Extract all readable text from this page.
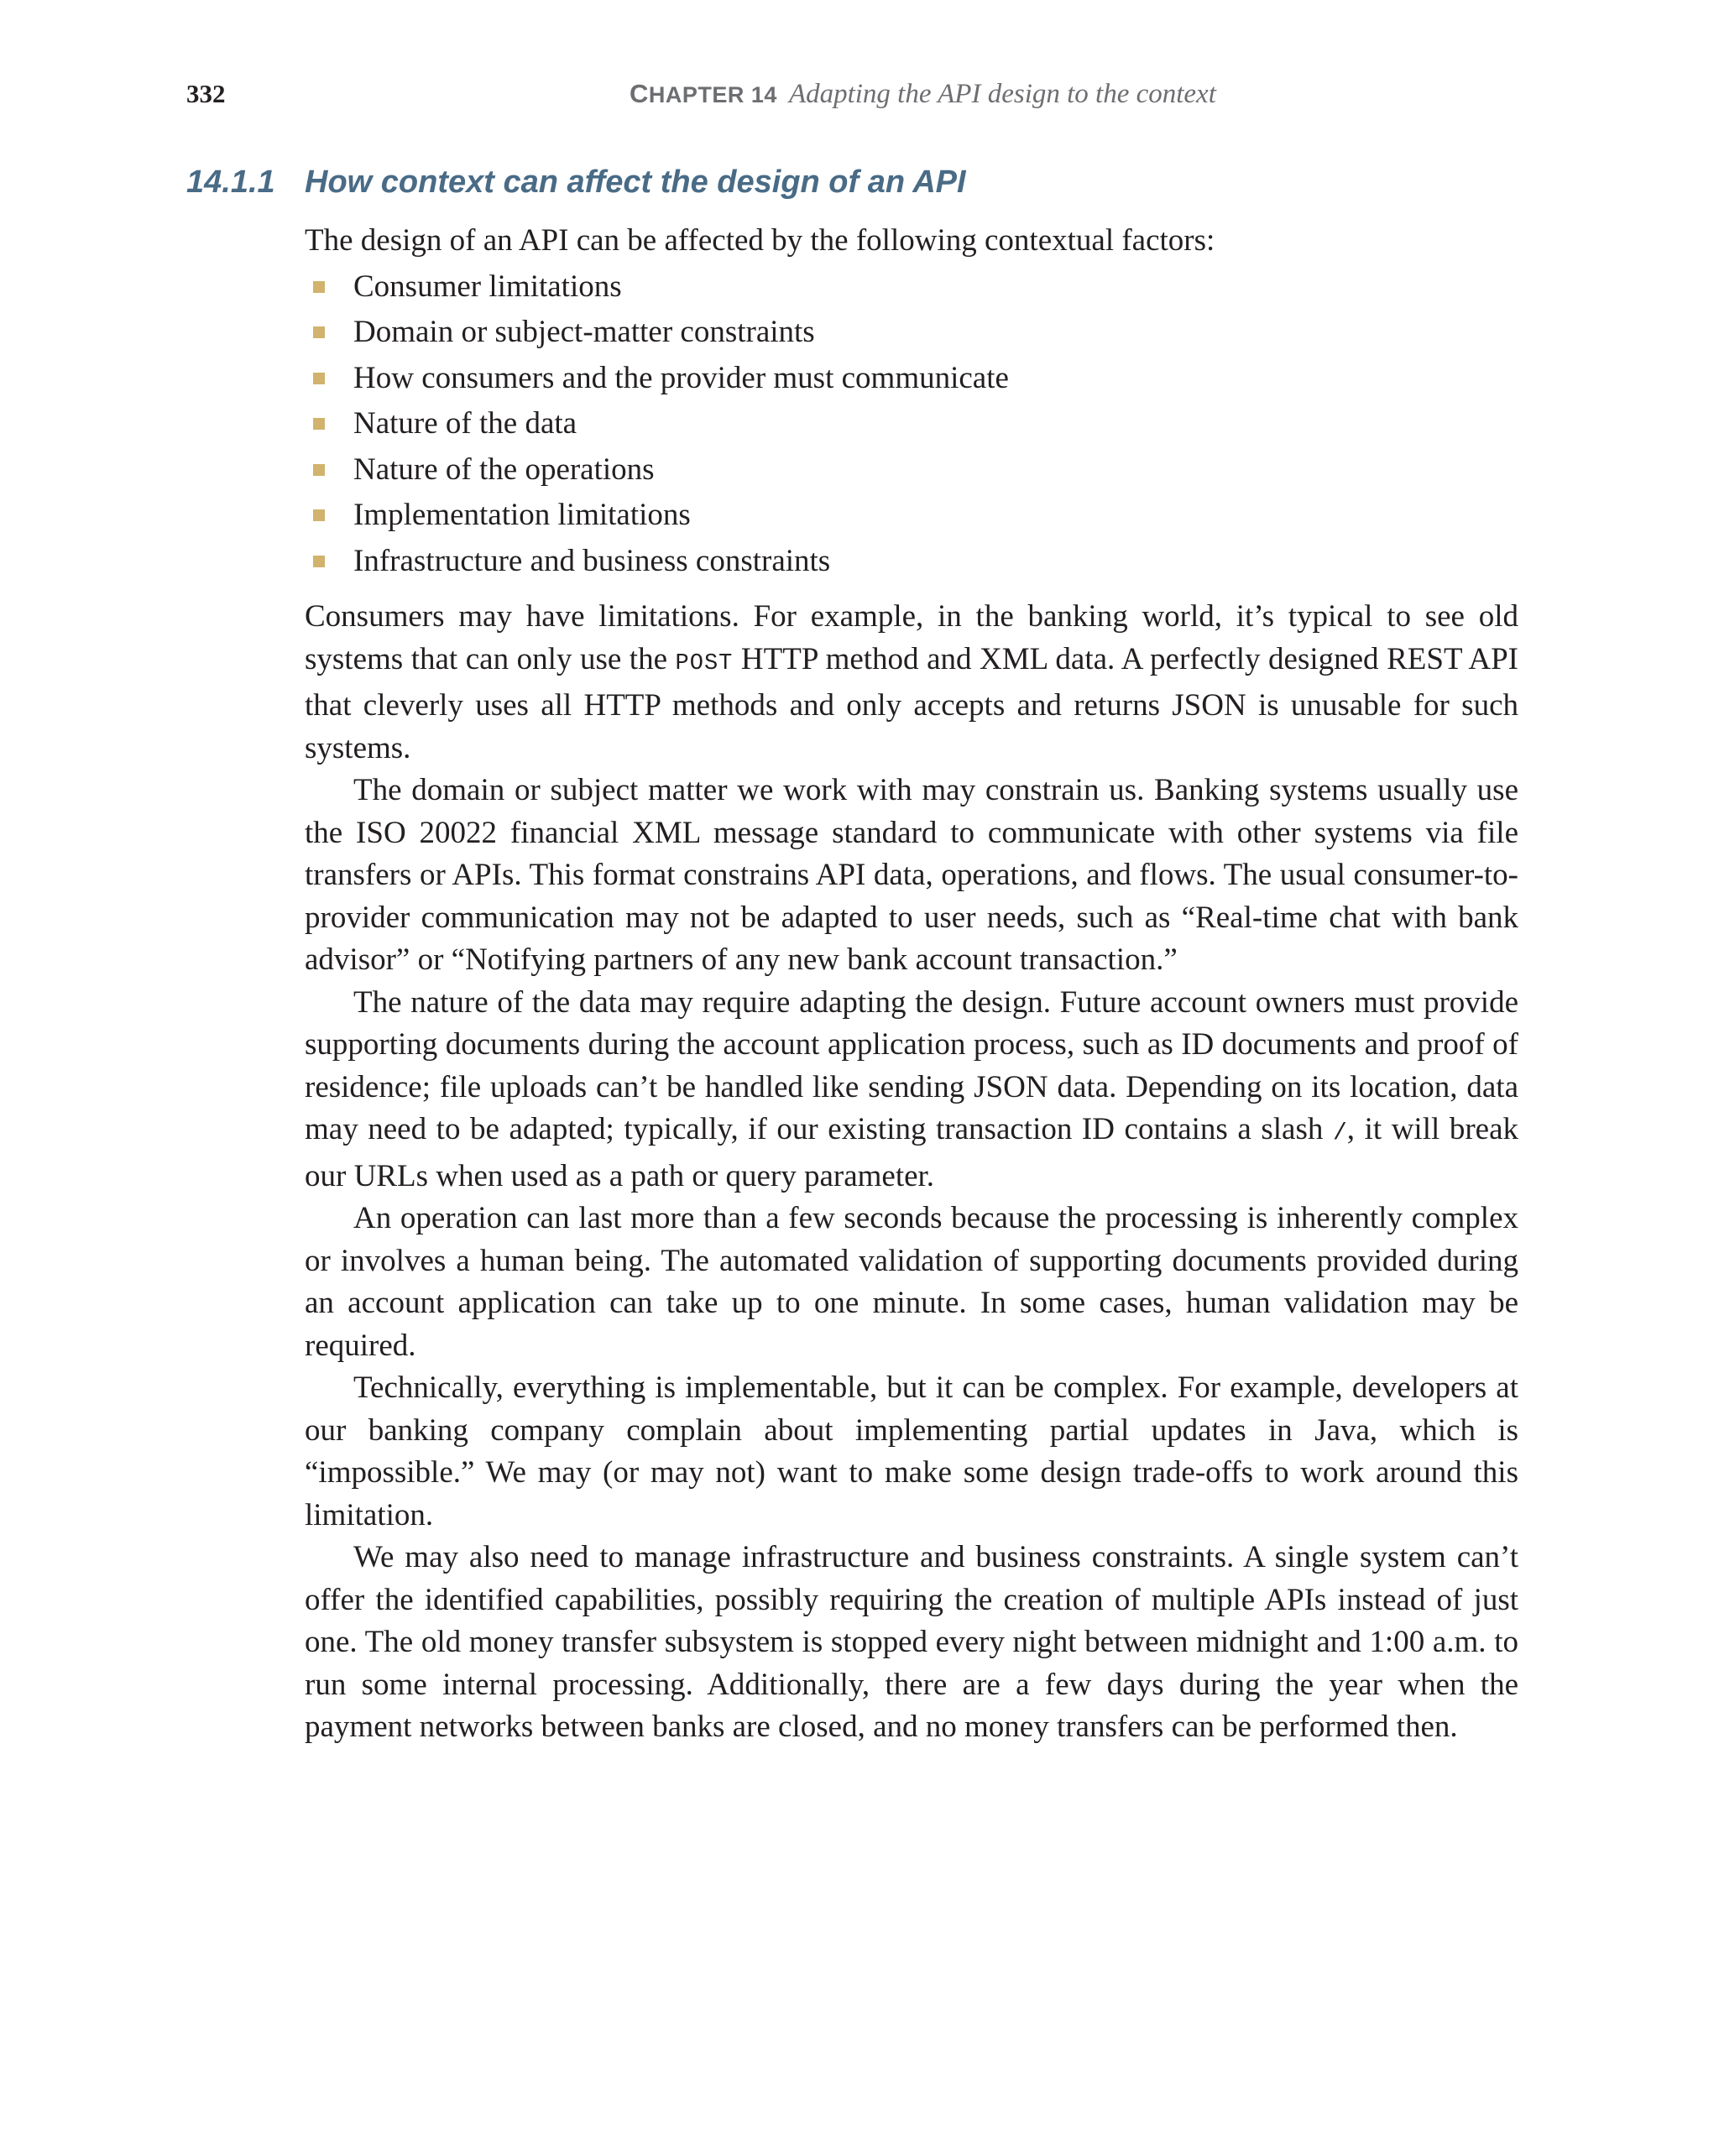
332	CHAPTER 14 Adapting the API design to the context
14.1.1 How context can affect the design of an API

The design of an API can be affected by the following contextual factors:

Consumer limitations
Domain or subject-matter constraints
How consumers and the provider must communicate
Nature of the data
Nature of the operations
Implementation limitations
Infrastructure and business constraints

Consumers may have limitations. For example, in the banking world, it’s typical to see old systems that can only use the POST HTTP method and XML data. A perfectly designed REST API that cleverly uses all HTTP methods and only accepts and returns JSON is unusable for such systems.

The domain or subject matter we work with may constrain us. Banking systems usually use the ISO 20022 financial XML message standard to communicate with other systems via file transfers or APIs. This format constrains API data, operations, and flows. The usual consumer-to-provider communication may not be adapted to user needs, such as “Real-time chat with bank advisor” or “Notifying partners of any new bank account transaction.”

The nature of the data may require adapting the design. Future account owners must provide supporting documents during the account application process, such as ID documents and proof of residence; file uploads can’t be handled like sending JSON data. Depending on its location, data may need to be adapted; typically, if our existing transaction ID contains a slash /, it will break our URLs when used as a path or query parameter.

An operation can last more than a few seconds because the processing is inherently complex or involves a human being. The automated validation of supporting documents provided during an account application can take up to one minute. In some cases, human validation may be required.

Technically, everything is implementable, but it can be complex. For example, developers at our banking company complain about implementing partial updates in Java, which is “impossible.” We may (or may not) want to make some design trade-offs to work around this limitation.

We may also need to manage infrastructure and business constraints. A single system can’t offer the identified capabilities, possibly requiring the creation of multiple APIs instead of just one. The old money transfer subsystem is stopped every night between midnight and 1:00 a.m. to run some internal processing. Additionally, there are a few days during the year when the payment networks between banks are closed, and no money transfers can be performed then.
